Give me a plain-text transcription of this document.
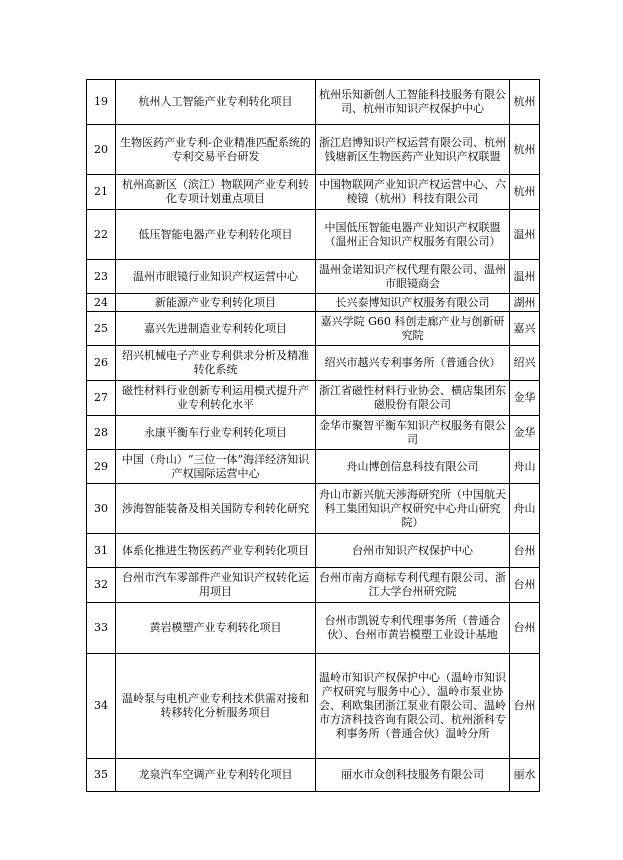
19	杭州人工智能产业专利转化项目	杭州乐知新创人工智能科技服务有限公司、杭州市知识产权保护中心	杭州
20	生物医药产业专利-企业精准匹配系统的专利交易平台研发	浙江启博知识产权运营有限公司、杭州钱塘新区生物医药产业知识产权联盟	杭州
21	杭州高新区（滨江）物联网产业专利转化专项计划重点项目	中国物联网产业知识产权运营中心、六棱镜（杭州）科技有限公司	杭州
22	低压智能电器产业专利转化项目	中国低压智能电器产业知识产权联盟（温州正合知识产权服务有限公司）	温州
23	温州市眼镜行业知识产权运营中心	温州金诺知识产权代理有限公司、温州市眼镜商会	温州
24	新能源产业专利转化项目	长兴泰博知识产权服务有限公司	湖州
25	嘉兴先进制造业专利转化项目	嘉兴学院 G60 科创走廊产业与创新研究院	嘉兴
26	绍兴机械电子产业专利供求分析及精准转化系统	绍兴市越兴专利事务所（普通合伙）	绍兴
27	磁性材料行业创新专利运用模式提升产业专利转化水平	浙江省磁性材料行业协会、横店集团东磁股份有限公司	金华
28	永康平衡车行业专利转化项目	金华市聚智平衡车知识产权服务有限公司	金华
29	中国（舟山）“三位一体”海洋经济知识产权国际运营中心	舟山博创信息科技有限公司	舟山
30	涉海智能装备及相关国防专利转化研究	舟山市新兴航天涉海研究所（中国航天科工集团知识产权研究中心舟山研究院）	舟山
31	体系化推进生物医药产业专利转化项目	台州市知识产权保护中心	台州
32	台州市汽车零部件产业知识产权转化运用项目	台州市南方商标专利代理有限公司、浙江大学台州研究院	台州
33	黄岩模塑产业专利转化项目	台州市凯锐专利代理事务所（普通合伙）、台州市黄岩模塑工业设计基地	台州
34	温岭泵与电机产业专利技术供需对接和转移转化分析服务项目	温岭市知识产权保护中心（温岭市知识产权研究与服务中心）、温岭市泵业协会、利欧集团浙江泵业有限公司、温岭市方济科技咨询有限公司、杭州浙科专利事务所（普通合伙）温岭分所	台州
35	龙泉汽车空调产业专利转化项目	丽水市众创科技服务有限公司	丽水
